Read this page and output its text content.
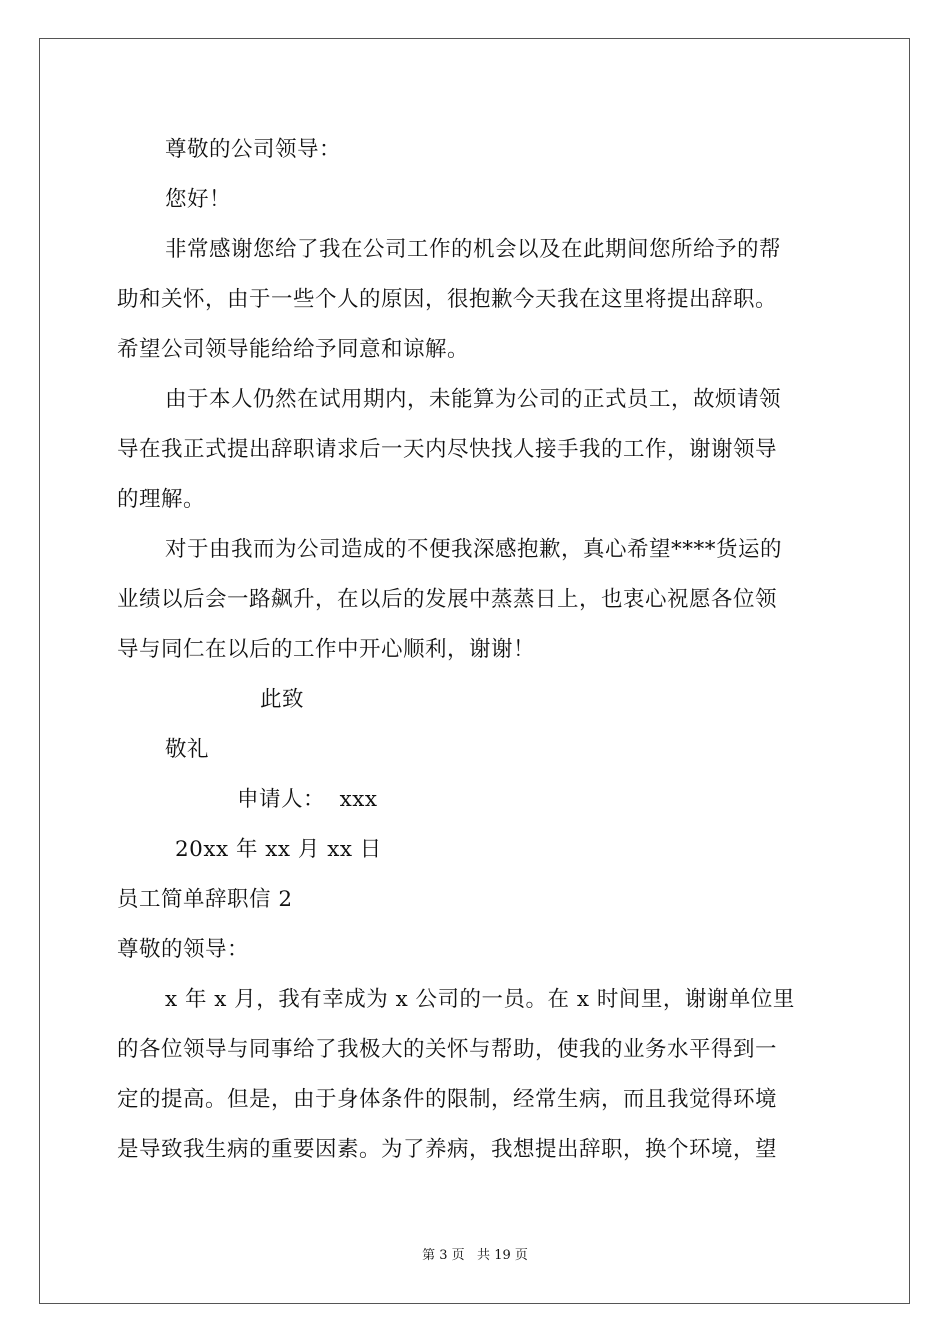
尊敬的公司领导：
您好！
非常感谢您给了我在公司工作的机会以及在此期间您所给予的帮
助和关怀，由于一些个人的原因，很抱歉今天我在这里将提出辞职。
希望公司领导能给给予同意和谅解。
由于本人仍然在试用期内，未能算为公司的正式员工，故烦请领
导在我正式提出辞职请求后一天内尽快找人接手我的工作，谢谢领导
的理解。
对于由我而为公司造成的不便我深感抱歉，真心希望****货运的
业绩以后会一路飙升，在以后的发展中蒸蒸日上，也衷心祝愿各位领
导与同仁在以后的工作中开心顺利，谢谢！
此致
敬礼
申请人：  xxx
20xx 年 xx 月 xx 日
员工简单辞职信 2
尊敬的领导：
x 年 x 月，我有幸成为 x 公司的一员。在 x 时间里，谢谢单位里
的各位领导与同事给了我极大的关怀与帮助，使我的业务水平得到一
定的提高。但是，由于身体条件的限制，经常生病，而且我觉得环境
是导致我生病的重要因素。为了养病，我想提出辞职，换个环境，望
第 3 页   共 19 页
